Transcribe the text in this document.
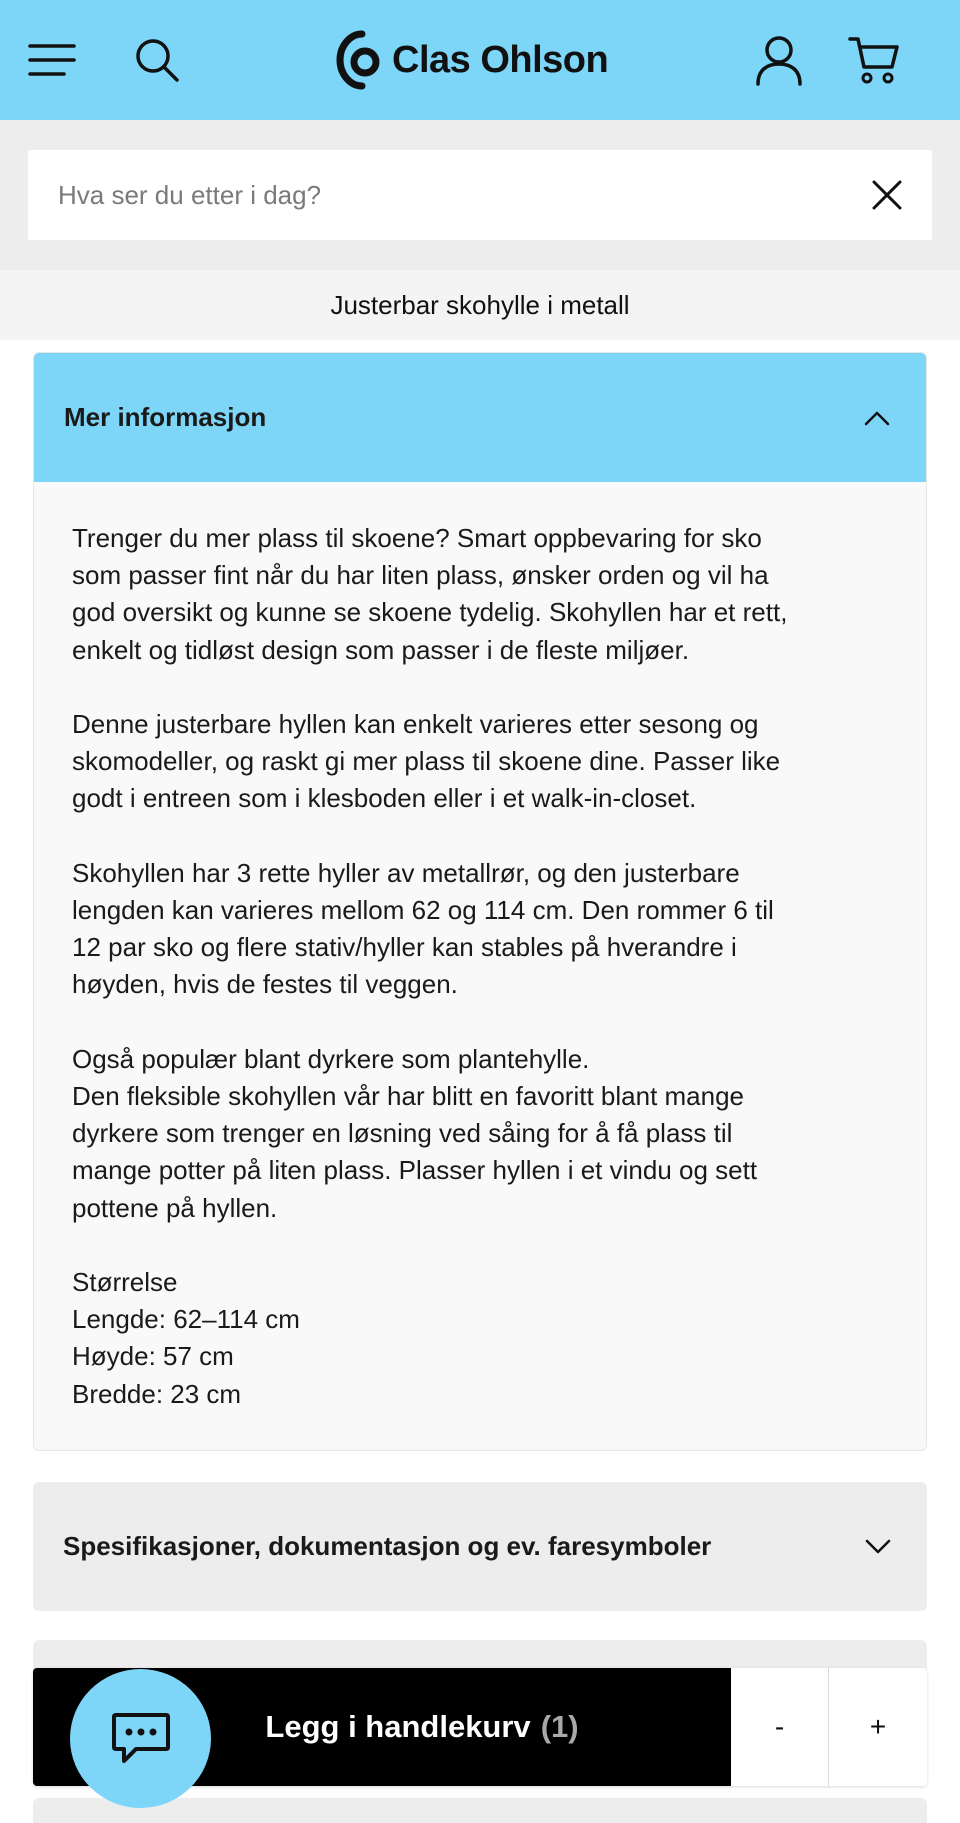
Clas Ohlson
Hva ser du etter i dag?
Justerbar skohylle i metall
Mer informasjon

Trenger du mer plass til skoene? Smart oppbevaring for sko
som passer fint når du har liten plass, ønsker orden og vil ha
god oversikt og kunne se skoene tydelig. Skohyllen har et rett,
enkelt og tidløst design som passer i de fleste miljøer.

Denne justerbare hyllen kan enkelt varieres etter sesong og
skomodeller, og raskt gi mer plass til skoene dine. Passer like
godt i entreen som i klesboden eller i et walk-in-closet.

Skohyllen har 3 rette hyller av metallrør, og den justerbare
lengden kan varieres mellom 62 og 114 cm. Den rommer 6 til
12 par sko og flere stativ/hyller kan stables på hverandre i
høyden, hvis de festes til veggen.

Også populær blant dyrkere som plantehylle.
Den fleksible skohyllen vår har blitt en favoritt blant mange
dyrkere som trenger en løsning ved såing for å få plass til
mange potter på liten plass. Plasser hyllen i et vindu og sett
pottene på hyllen.

Størrelse
Lengde: 62–114 cm
Høyde: 57 cm
Bredde: 23 cm

Spesifikasjoner, dokumentasjon og ev. faresymboler
Legg i handlekurv (1)	-	+
